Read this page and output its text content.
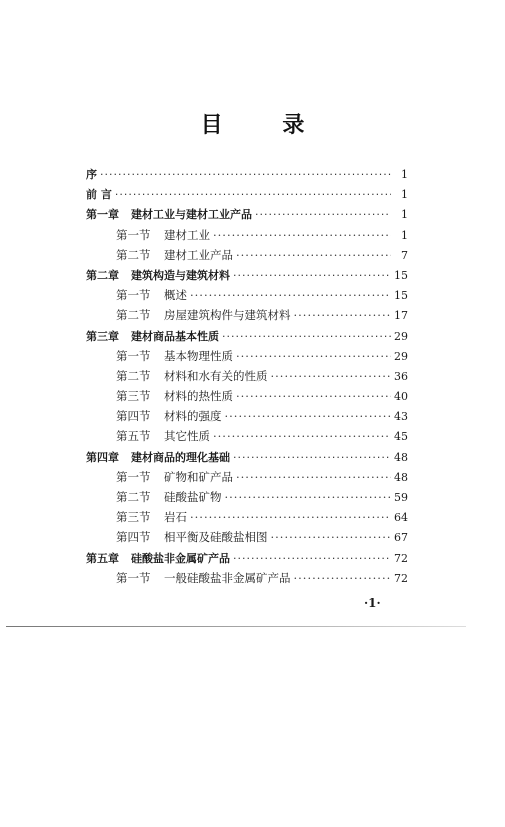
目 录
序 ·····	1
前 言 ·····	1
第一章 建材工业与建材工业产品 ·····	1
第一节	建材工业 ·····	1
第二节	建材工业产品 ·····	7
第二章 建筑构造与建筑材料 ·····	15
第一节	概述 ·····	15
第二节	房屋建筑构件与建筑材料 ·····	17
第三章 建材商品基本性质 ·····	29
第一节	基本物理性质 ·····	29
第二节	材料和水有关的性质 ·····	36
第三节	材料的热性质 ·····	40
第四节	材料的强度 ·····	43
第五节	其它性质 ·····	45
第四章 建材商品的理化基础 ·····	48
第一节	矿物和矿产品 ·····	48
第二节	硅酸盐矿物 ·····	59
第三节	岩石 ·····	64
第四节	相平衡及硅酸盐相图 ·····	67
第五章 硅酸盐非金属矿产品 ·····	72
第一节	一般硅酸盐非金属矿产品 ·····	72
·1·
